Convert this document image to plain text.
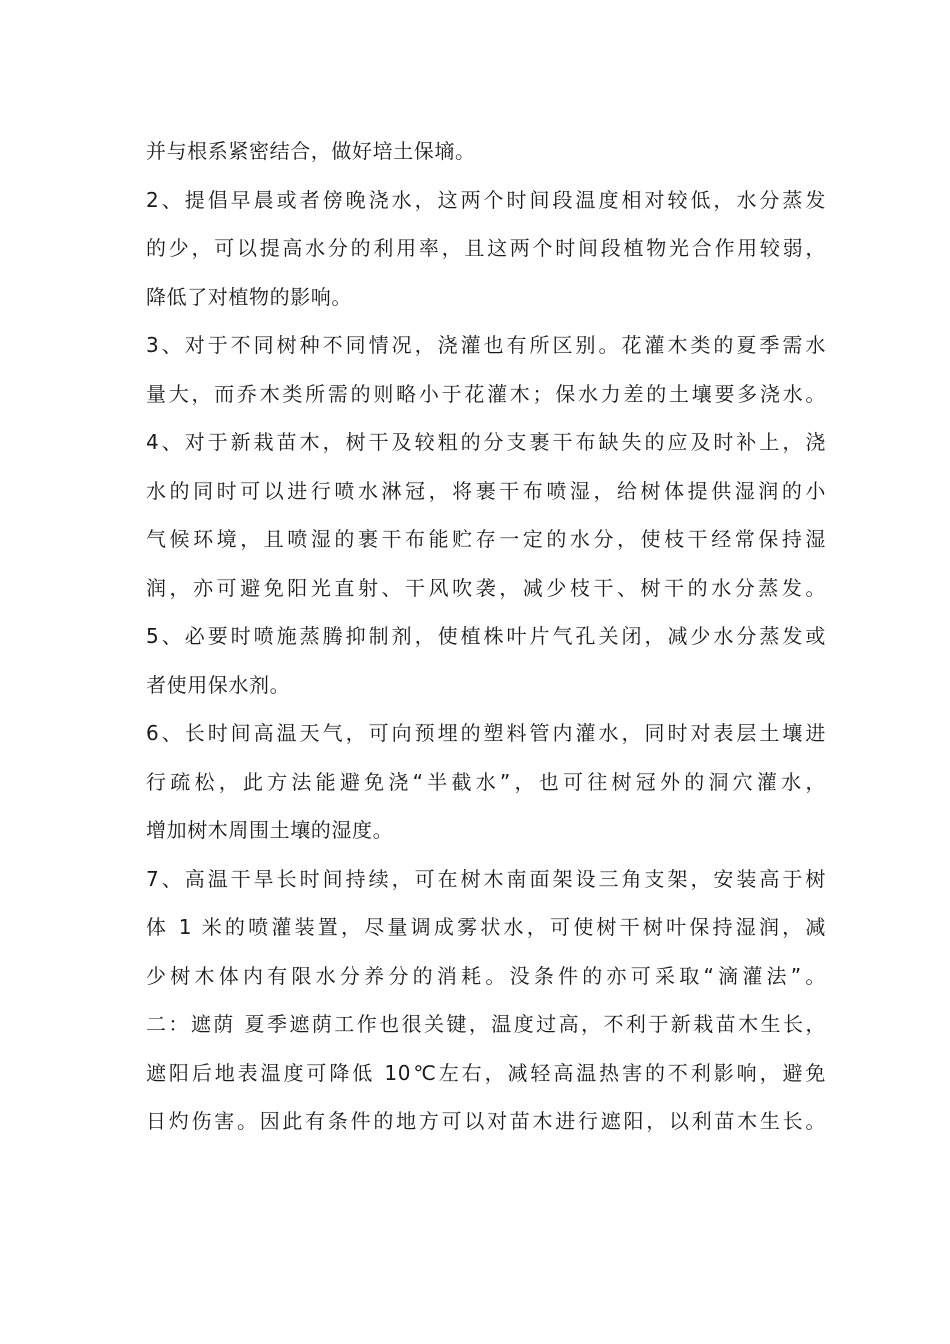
并与根系紧密结合，做好培土保墒。
2、提倡早晨或者傍晚浇水，这两个时间段温度相对较低，水分蒸发
的少，可以提高水分的利用率，且这两个时间段植物光合作用较弱，
降低了对植物的影响。
3、对于不同树种不同情况，浇灌也有所区别。花灌木类的夏季需水
量大，而乔木类所需的则略小于花灌木；保水力差的土壤要多浇水。
4、对于新栽苗木，树干及较粗的分支裹干布缺失的应及时补上，浇
水的同时可以进行喷水淋冠，将裹干布喷湿，给树体提供湿润的小
气候环境，且喷湿的裹干布能贮存一定的水分，使枝干经常保持湿
润，亦可避免阳光直射、干风吹袭，减少枝干、树干的水分蒸发。
5、必要时喷施蒸腾抑制剂，使植株叶片气孔关闭，减少水分蒸发或
者使用保水剂。
6、长时间高温天气，可向预埋的塑料管内灌水，同时对表层土壤进
行疏松，此方法能避免浇“半截水”，也可往树冠外的洞穴灌水，
增加树木周围土壤的湿度。
7、高温干旱长时间持续，可在树木南面架设三角支架，安装高于树
体 1 米的喷灌装置，尽量调成雾状水，可使树干树叶保持湿润，减
少树木体内有限水分养分的消耗。没条件的亦可采取“滴灌法”。
二：遮荫 夏季遮荫工作也很关键，温度过高，不利于新栽苗木生长，
遮阳后地表温度可降低 10℃左右，减轻高温热害的不利影响，避免
日灼伤害。因此有条件的地方可以对苗木进行遮阳，以利苗木生长。
